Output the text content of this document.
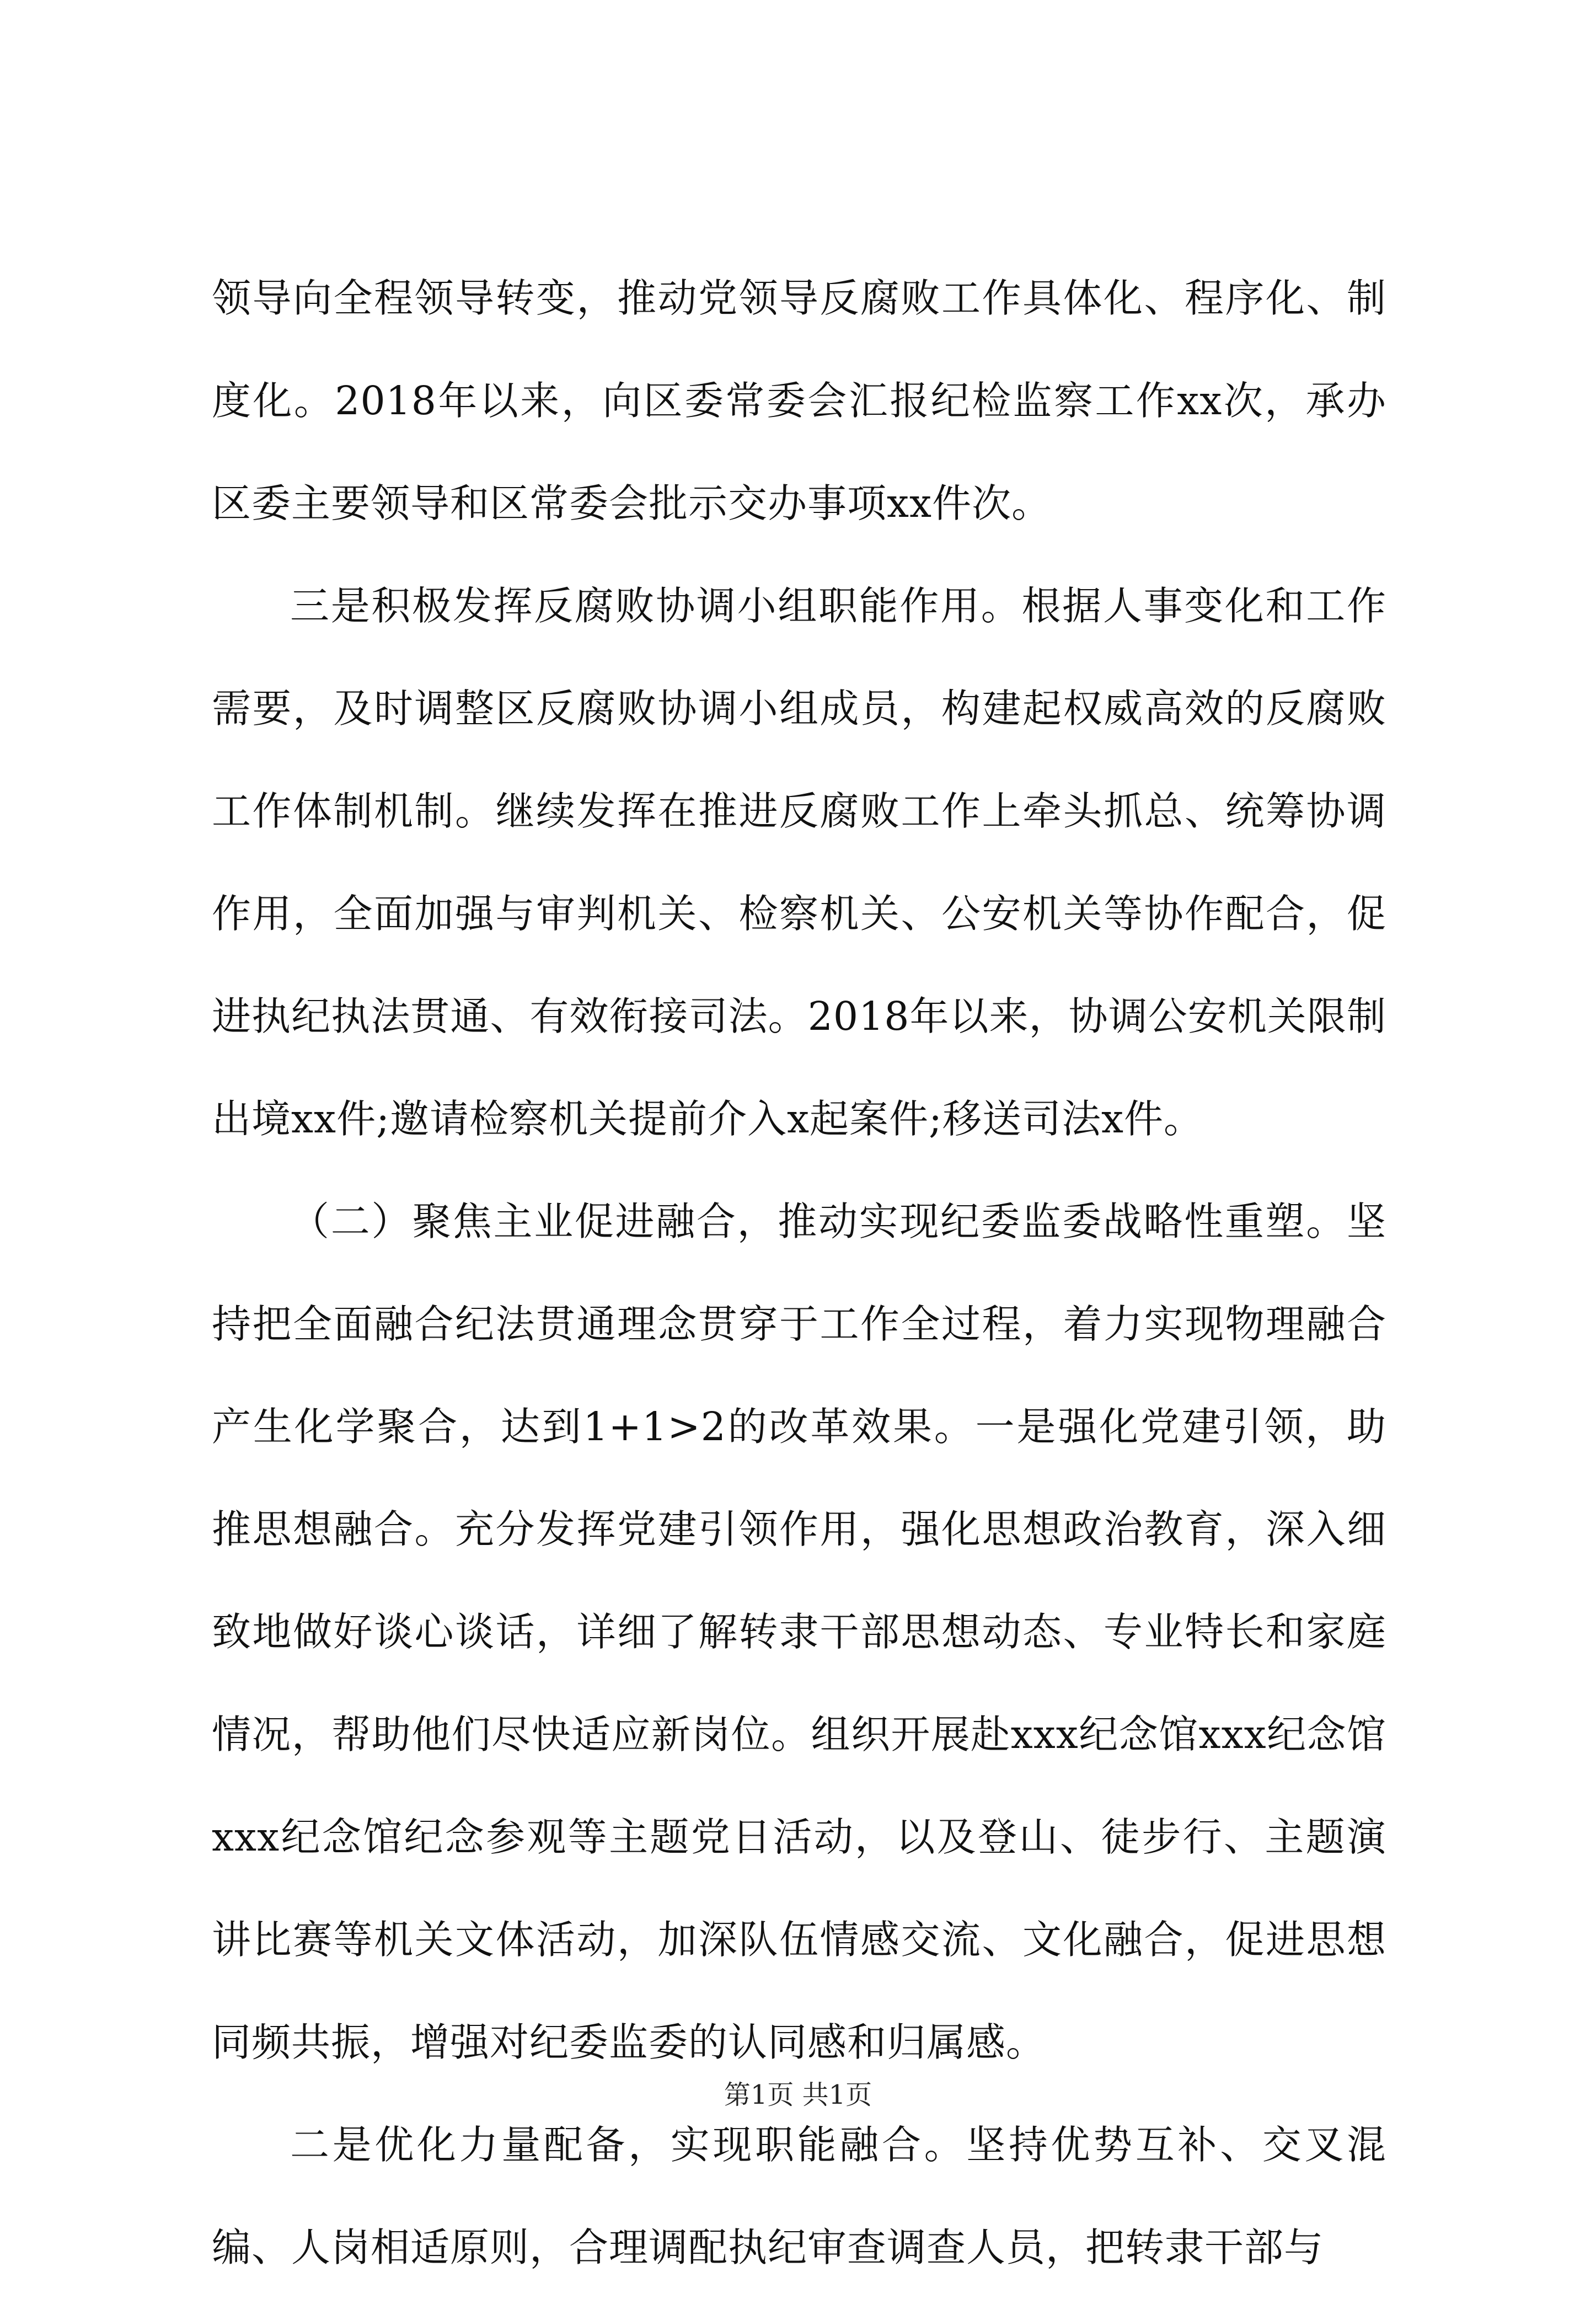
领导向全程领导转变，推动党领导反腐败工作具体化、程序化、制度化。2018年以来，向区委常委会汇报纪检监察工作xx次，承办区委主要领导和区常委会批示交办事项xx件次。

三是积极发挥反腐败协调小组职能作用。根据人事变化和工作需要，及时调整区反腐败协调小组成员，构建起权威高效的反腐败工作体制机制。继续发挥在推进反腐败工作上牵头抓总、统筹协调作用，全面加强与审判机关、检察机关、公安机关等协作配合，促进执纪执法贯通、有效衔接司法。2018年以来，协调公安机关限制出境xx件;邀请检察机关提前介入x起案件;移送司法x件。

（二）聚焦主业促进融合，推动实现纪委监委战略性重塑。坚持把全面融合纪法贯通理念贯穿于工作全过程，着力实现物理融合产生化学聚合，达到1+1>2的改革效果。一是强化党建引领，助推思想融合。充分发挥党建引领作用，强化思想政治教育，深入细致地做好谈心谈话，详细了解转隶干部思想动态、专业特长和家庭情况，帮助他们尽快适应新岗位。组织开展赴xxx纪念馆xxx纪念馆xxx纪念馆纪念参观等主题党日活动，以及登山、徒步行、主题演讲比赛等机关文体活动，加深队伍情感交流、文化融合，促进思想同频共振，增强对纪委监委的认同感和归属感。

二是优化力量配备，实现职能融合。坚持优势互补、交叉混编、人岗相适原则，合理调配执纪审查调查人员，把转隶干部与

第1页 共1页
